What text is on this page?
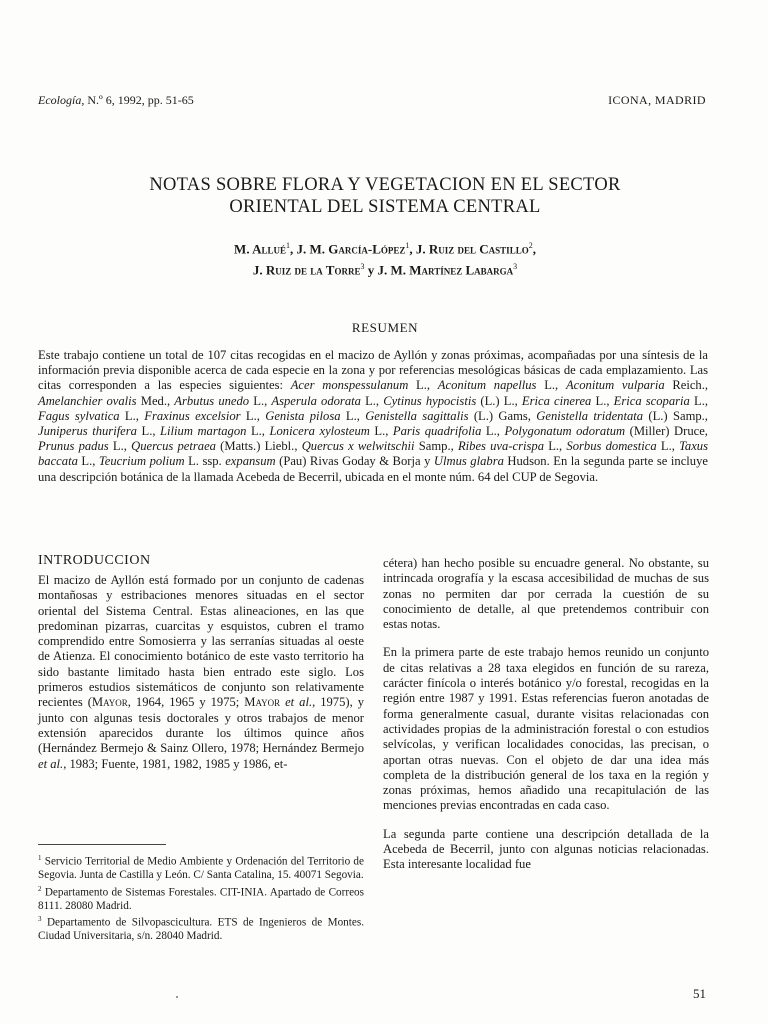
Ecología, N.º 6, 1992, pp. 51-65	ICONA, MADRID
NOTAS SOBRE FLORA Y VEGETACION EN EL SECTOR
ORIENTAL DEL SISTEMA CENTRAL
M. Allué$^1$, J. M. García-López$^1$, J. Ruiz del Castillo$^2$,
J. Ruiz de la Torre$^3$ y J. M. Martínez Labarga$^3$
RESUMEN

Este trabajo contiene un total de 107 citas recogidas en el macizo de Ayllón y zonas próximas, acompañadas por una síntesis de la información previa disponible acerca de cada especie en la zona y por referencias mesológicas básicas de cada emplazamiento. Las citas corresponden a las especies siguientes: Acer monspessulanum L., Aconitum napellus L., Aconitum vulparia Reich., Amelanchier ovalis Med., Arbutus unedo L., Asperula odorata L., Cytinus hypocistis (L.) L., Erica cinerea L., Erica scoparia L., Fagus sylvatica L., Fraxinus excelsior L., Genista pilosa L., Genistella sagittalis (L.) Gams, Genistella tridentata (L.) Samp., Juniperus thurifera L., Lilium martagon L., Lonicera xylosteum L., Paris quadrifolia L., Polygonatum odoratum (Miller) Druce, Prunus padus L., Quercus petraea (Matts.) Liebl., Quercus x welwitschii Samp., Ribes uva-crispa L., Sorbus domestica L., Taxus baccata L., Teucrium polium L. ssp. expansum (Pau) Rivas Goday & Borja y Ulmus glabra Hudson. En la segunda parte se incluye una descripción botánica de la llamada Acebeda de Becerril, ubicada en el monte núm. 64 del CUP de Segovia.

INTRODUCCION

El macizo de Ayllón está formado por un conjunto de cadenas montañosas y estribaciones menores situadas en el sector oriental del Sistema Central. Estas alineaciones, en las que predominan pizarras, cuarcitas y esquistos, cubren el tramo comprendido entre Somosierra y las serranías situadas al oeste de Atienza. El conocimiento botánico de este vasto territorio ha sido bastante limitado hasta bien entrado este siglo. Los primeros estudios sistemáticos de conjunto son relativamente recientes (Mayor, 1964, 1965 y 1975; Mayor et al., 1975), y junto con algunas tesis doctorales y otros trabajos de menor extensión aparecidos durante los últimos quince años (Hernández Bermejo & Sainz Ollero, 1978; Hernández Bermejo et al., 1983; Fuente, 1981, 1982, 1985 y 1986, et-

cétera) han hecho posible su encuadre general. No obstante, su intrincada orografía y la escasa accesibilidad de muchas de sus zonas no permiten dar por cerrada la cuestión de su conocimiento de detalle, al que pretendemos contribuir con estas notas.

En la primera parte de este trabajo hemos reunido un conjunto de citas relativas a 28 taxa elegidos en función de su rareza, carácter finícola o interés botánico y/o forestal, recogidas en la región entre 1987 y 1991. Estas referencias fueron anotadas de forma generalmente casual, durante visitas relacionadas con actividades propias de la administración forestal o con estudios selvícolas, y verifican localidades conocidas, las precisan, o aportan otras nuevas. Con el objeto de dar una idea más completa de la distribución general de los taxa en la región y zonas próximas, hemos añadido una recapitulación de las menciones previas encontradas en cada caso.

La segunda parte contiene una descripción detallada de la Acebeda de Becerril, junto con algunas noticias relacionadas. Esta interesante localidad fue

$^1$ Servicio Territorial de Medio Ambiente y Ordenación del Territorio de Segovia. Junta de Castilla y León. C/ Santa Catalina, 15. 40071 Segovia.

$^2$ Departamento de Sistemas Forestales. CIT-INIA. Apartado de Correos 8111. 28080 Madrid.

$^3$ Departamento de Silvopascicultura. ETS de Ingenieros de Montes. Ciudad Universitaria, s/n. 28040 Madrid.

51
